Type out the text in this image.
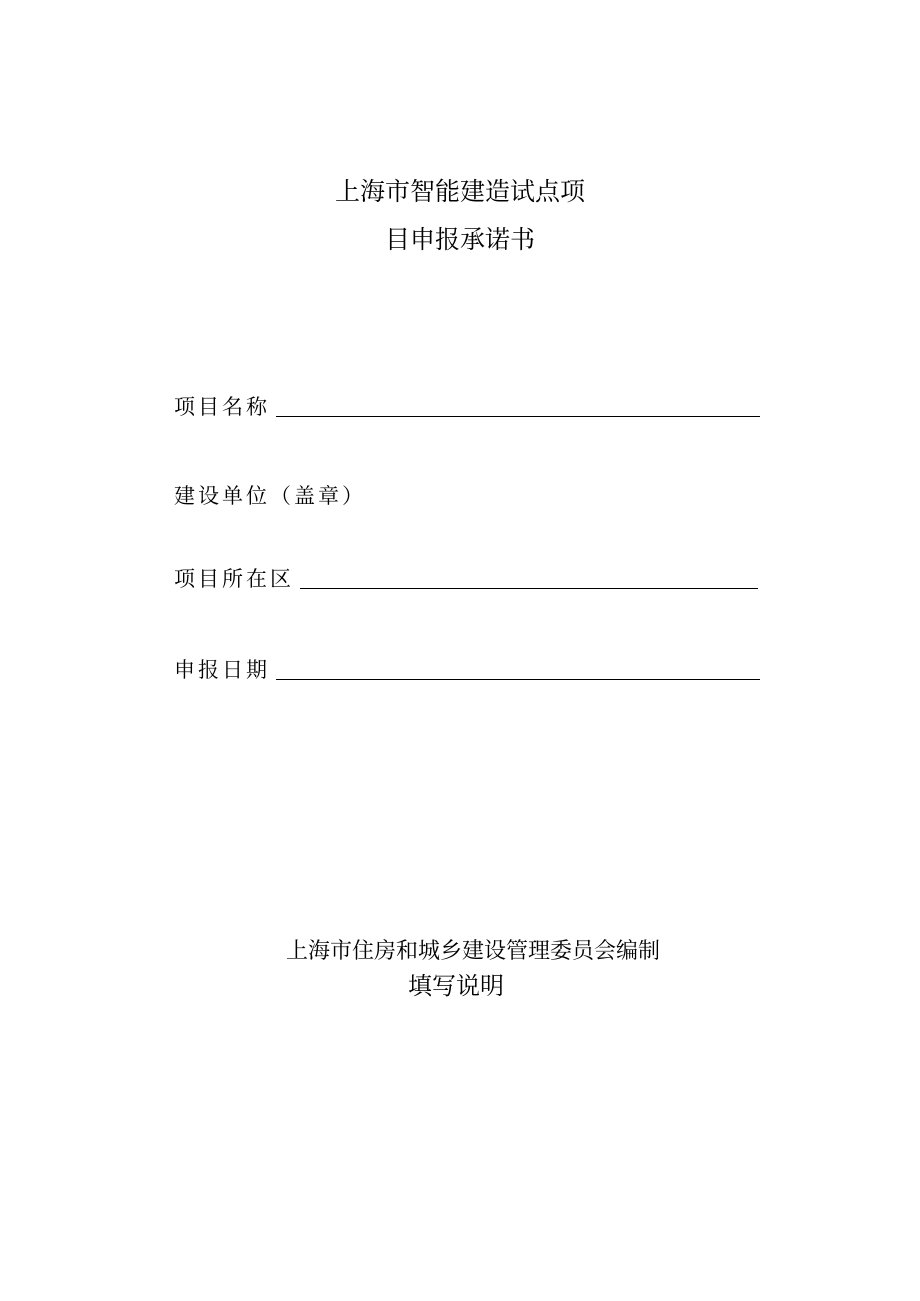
上海市智能建造试点项
目申报承诺书
项目名称
建设单位（盖章）
项目所在区
申报日期
上海市住房和城乡建设管理委员会编制
填写说明
